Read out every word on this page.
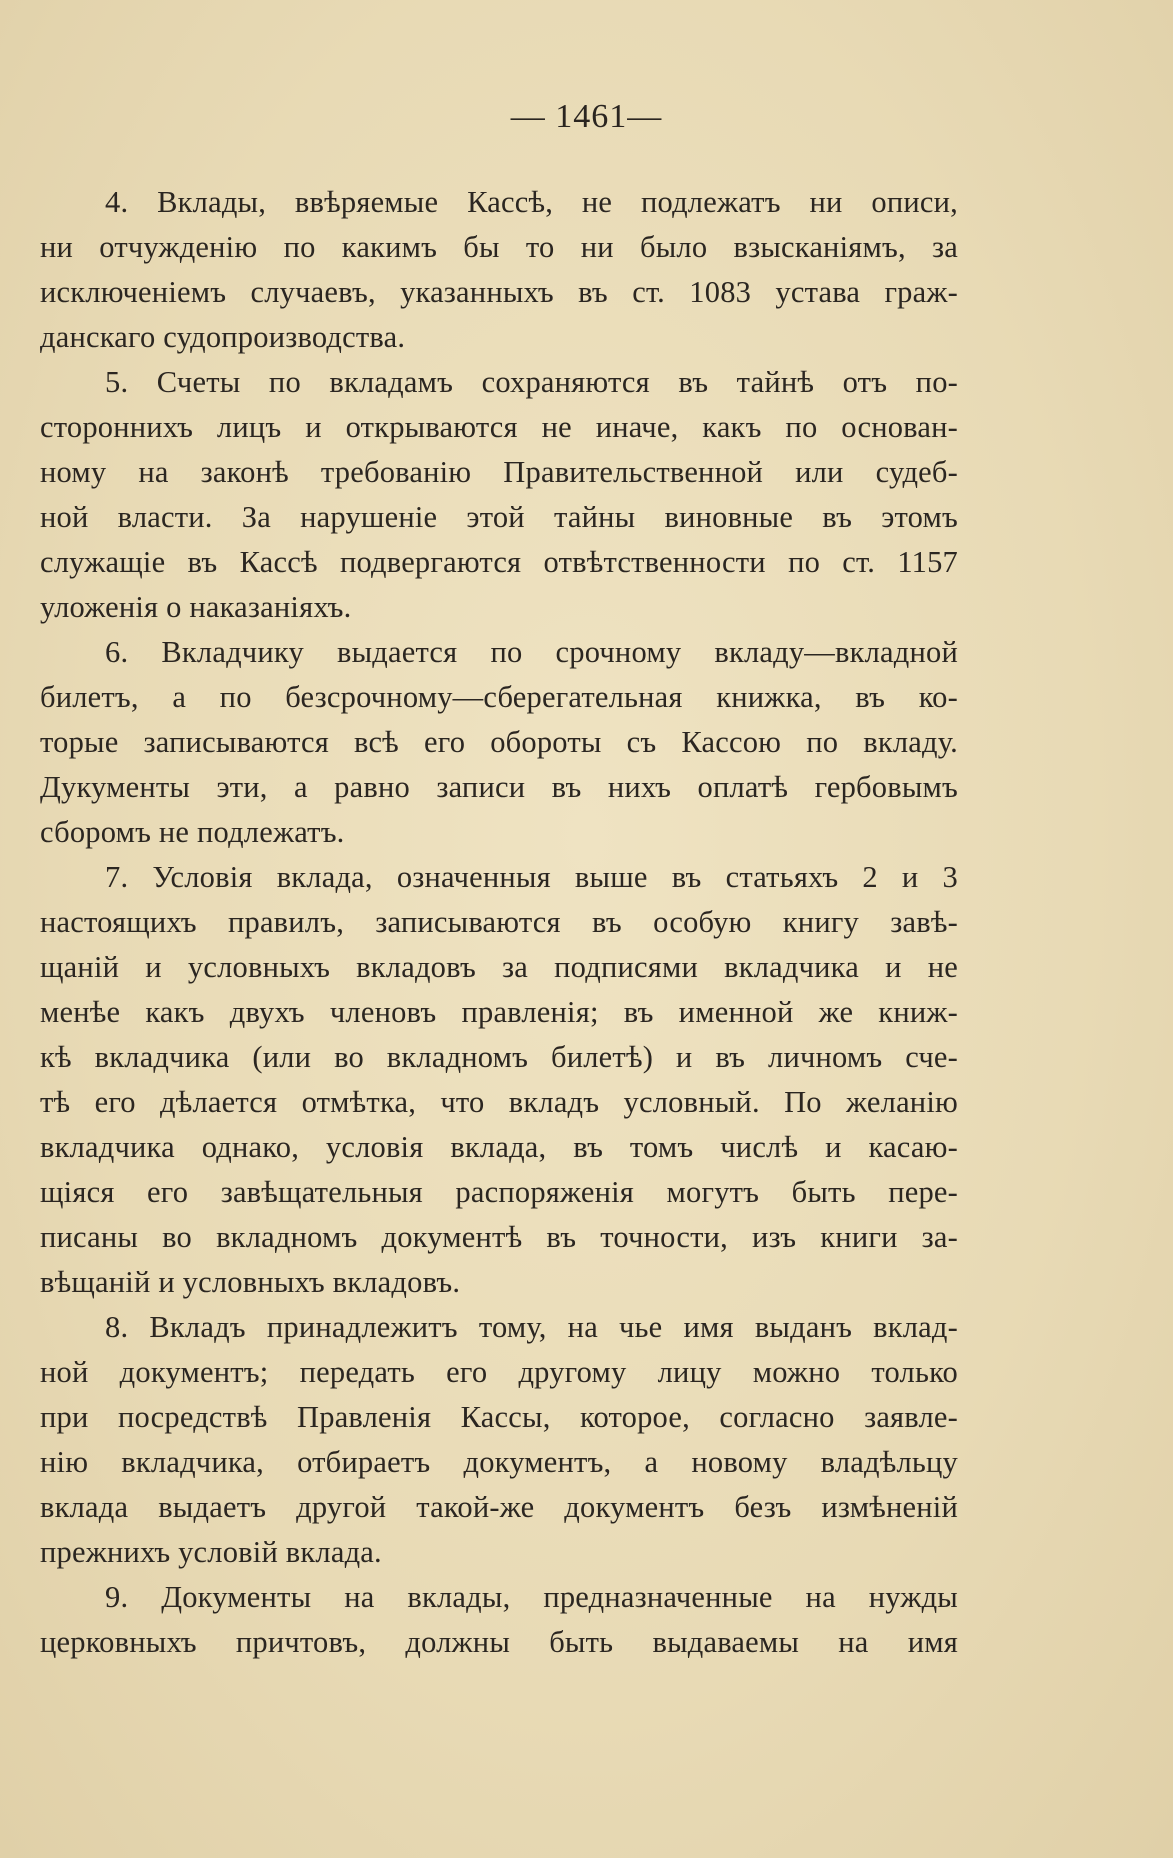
— 1461—
4. Вклады, ввѣряемые Кассѣ, не подлежатъ ни описи,
ни отчужденію по какимъ бы то ни было взысканіямъ, за
исключеніемъ случаевъ, указанныхъ въ ст. 1083 устава граж-
данскаго судопроизводства.
5. Счеты по вкладамъ сохраняются въ тайнѣ отъ по-
стороннихъ лицъ и открываются не иначе, какъ по основан-
ному на законѣ требованію Правительственной или судеб-
ной власти. За нарушеніе этой тайны виновные въ этомъ
служащіе въ Кассѣ подвергаются отвѣтственности по ст. 1157
уложенія о наказаніяхъ.
6. Вкладчику выдается по срочному вкладу—вкладной
билетъ, а по безсрочному—сберегательная книжка, въ ко-
торые записываются всѣ его обороты съ Кассою по вкладу.
Дукументы эти, а равно записи въ нихъ оплатѣ гербовымъ
сборомъ не подлежатъ.
7. Условія вклада, означенныя выше въ статьяхъ 2 и 3
настоящихъ правилъ, записываются въ особую книгу завѣ-
щаній и условныхъ вкладовъ за подписями вкладчика и не
менѣе какъ двухъ членовъ правленія; въ именной же книж-
кѣ вкладчика (или во вкладномъ билетѣ) и въ личномъ сче-
тѣ его дѣлается отмѣтка, что вкладъ условный. По желанію
вкладчика однако, условія вклада, въ томъ числѣ и касаю-
щіяся его завѣщательныя распоряженія могутъ быть пере-
писаны во вкладномъ документѣ въ точности, изъ книги за-
вѣщаній и условныхъ вкладовъ.
8. Вкладъ принадлежитъ тому, на чье имя выданъ вклад-
ной документъ; передать его другому лицу можно только
при посредствѣ Правленія Кассы, которое, согласно заявле-
нію вкладчика, отбираетъ документъ, а новому владѣльцу
вклада выдаетъ другой такой-же документъ безъ измѣненій
прежнихъ условій вклада.
9. Документы на вклады, предназначенные на нужды
церковныхъ причтовъ, должны быть выдаваемы на имя
